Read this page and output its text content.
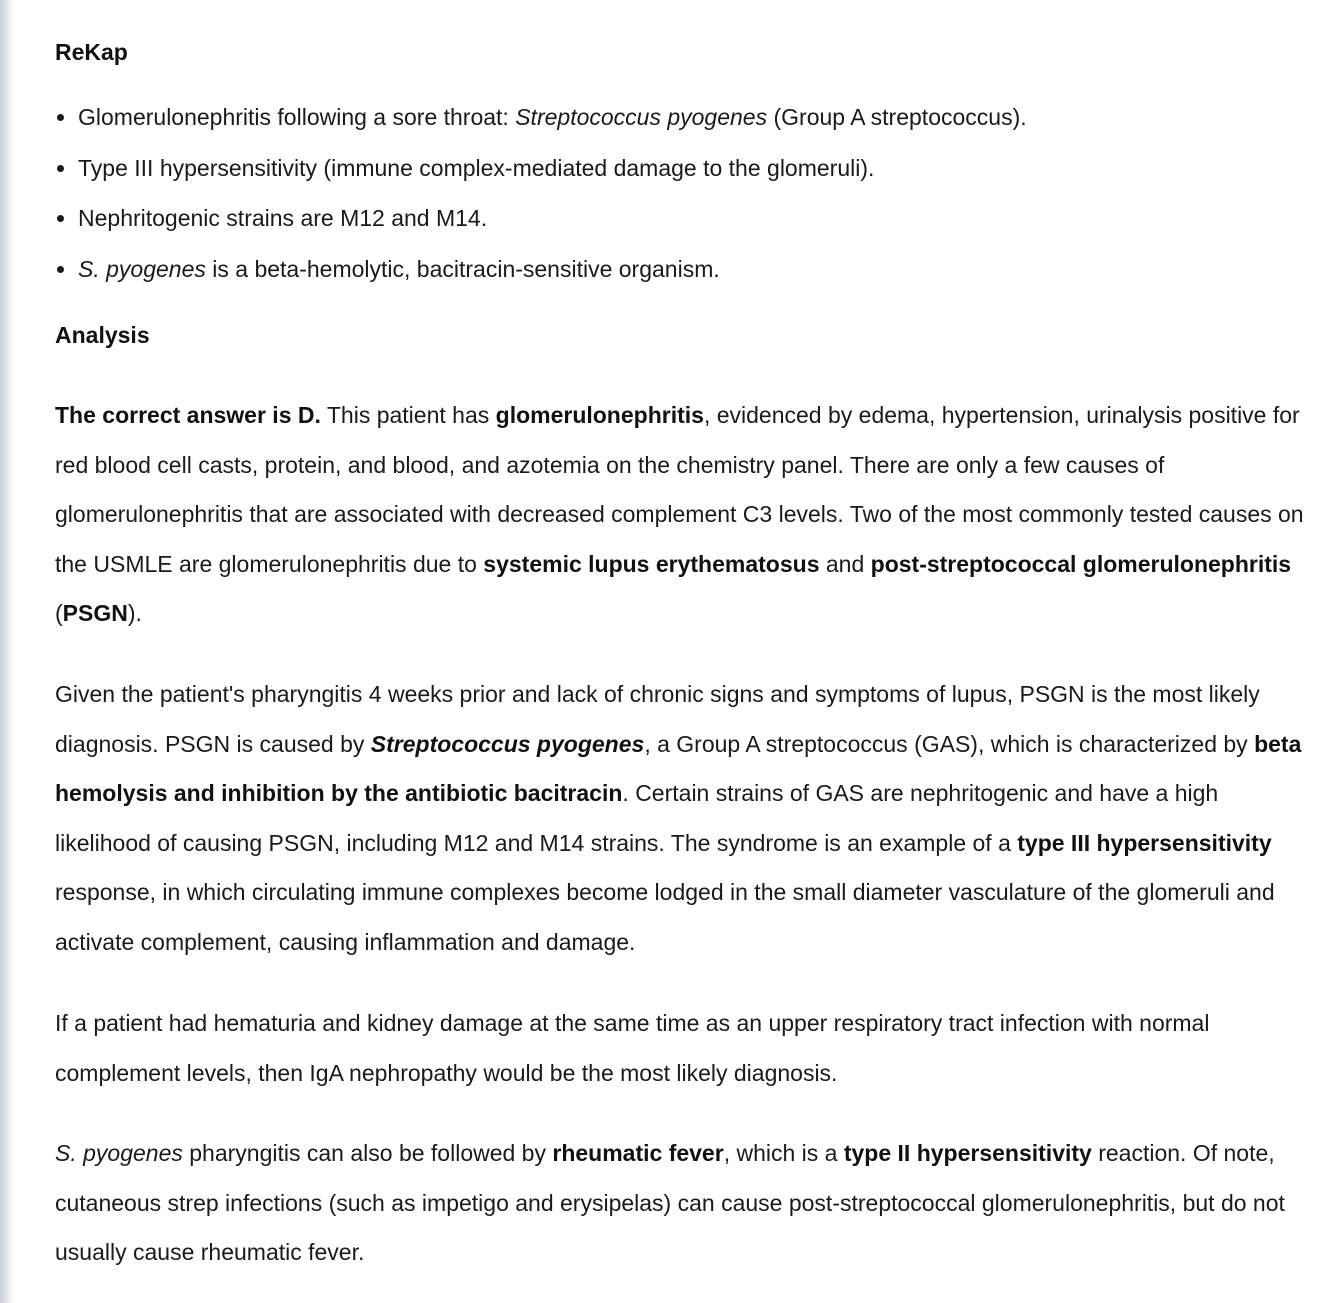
ReKap
Glomerulonephritis following a sore throat: Streptococcus pyogenes (Group A streptococcus).
Type III hypersensitivity (immune complex-mediated damage to the glomeruli).
Nephritogenic strains are M12 and M14.
S. pyogenes is a beta-hemolytic, bacitracin-sensitive organism.
Analysis

The correct answer is D. This patient has glomerulonephritis, evidenced by edema, hypertension, urinalysis positive for red blood cell casts, protein, and blood, and azotemia on the chemistry panel. There are only a few causes of glomerulonephritis that are associated with decreased complement C3 levels. Two of the most commonly tested causes on the USMLE are glomerulonephritis due to systemic lupus erythematosus and post-streptococcal glomerulonephritis (PSGN).

Given the patient's pharyngitis 4 weeks prior and lack of chronic signs and symptoms of lupus, PSGN is the most likely diagnosis. PSGN is caused by Streptococcus pyogenes, a Group A streptococcus (GAS), which is characterized by beta hemolysis and inhibition by the antibiotic bacitracin. Certain strains of GAS are nephritogenic and have a high likelihood of causing PSGN, including M12 and M14 strains. The syndrome is an example of a type III hypersensitivity response, in which circulating immune complexes become lodged in the small diameter vasculature of the glomeruli and activate complement, causing inflammation and damage.

If a patient had hematuria and kidney damage at the same time as an upper respiratory tract infection with normal complement levels, then IgA nephropathy would be the most likely diagnosis.

S. pyogenes pharyngitis can also be followed by rheumatic fever, which is a type II hypersensitivity reaction. Of note, cutaneous strep infections (such as impetigo and erysipelas) can cause post-streptococcal glomerulonephritis, but do not usually cause rheumatic fever.
